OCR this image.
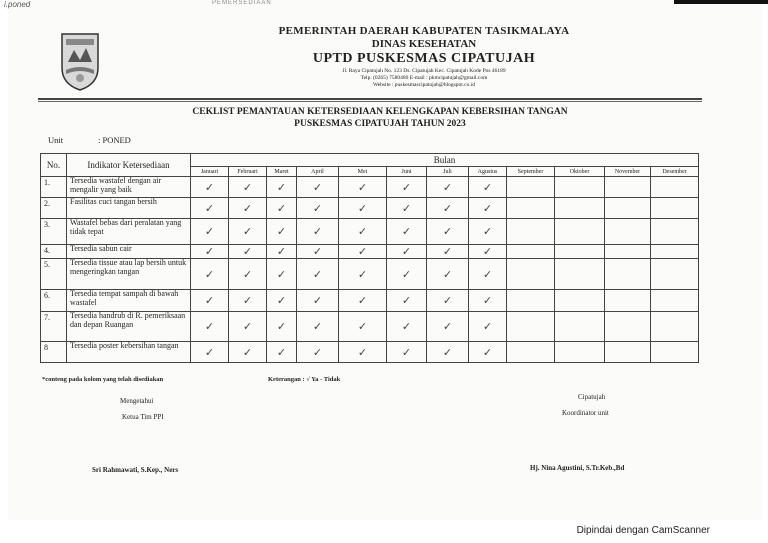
i.poned	PEMERSEDIAAN
PEMERINTAH DAERAH KABUPATEN TASIKMALAYA
DINAS KESEHATAN
UPTD PUSKESMAS CIPATUJAH
Jl. Raya Cipatujah No. 123 Ds. Cipatujah Kec. Cipatujah Kode Pos 46189
Telp. (0265) 7580480 E-mail : pkmcipatujah@gmail.com
Website : puskesmascipatujah@blogspot.co.id
CEKLIST PEMANTAUAN KETERSEDIAAN KELENGKAPAN KEBERSIHAN TANGAN
PUSKESMAS CIPATUJAH TAHUN 2023
Unit	: PONED
No.	Indikator Ketersediaan	Bulan											
		Januari	Februari	Maret	April	Mei	Juni	Juli	Agustus	September	Oktober	November	Desember
1.	Tersedia wastafel dengan air mengalir yang baik	✓	✓	✓	✓	✓	✓	✓	✓				
2.	Fasilitas cuci tangan bersih	✓	✓	✓	✓	✓	✓	✓	✓				
3.	Wastafel bebas dari peralatan yang tidak tepat	✓	✓	✓	✓	✓	✓	✓	✓				
4.	Tersedia sabun cair	✓	✓	✓	✓	✓	✓	✓	✓				
5.	Tersedia tissue atau lap bersih untuk mengeringkan tangan	✓	✓	✓	✓	✓	✓	✓	✓				
6.	Tersedia tempat sampah di bawah wastafel	✓	✓	✓	✓	✓	✓	✓	✓				
7.	Tersedia handrub di R. pemeriksaan dan depan Ruangan	✓	✓	✓	✓	✓	✓	✓	✓				
8	Tersedia poster kebersihan tangan	✓	✓	✓	✓	✓	✓	✓	✓				
*conteng pada kolom yang telah disediakan	Keterangan : √ Ya - Tidak
Mengetahui
Ketua Tim PPI
Sri Rahmawati, S.Kep., Ners
Cipatujah
Koordinator unit
Hj. Nina Agustini, S.Tr.Keb.,Bd
Dipindai dengan CamScanner
